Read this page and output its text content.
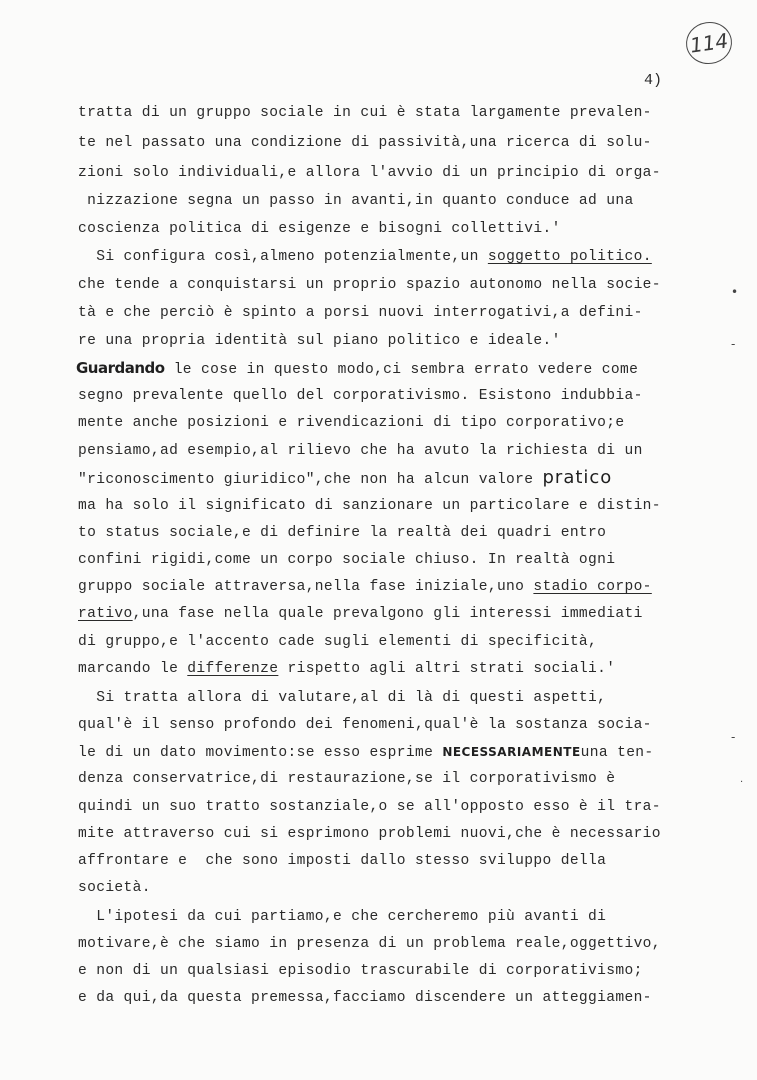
114
4)
tratta di un gruppo sociale in cui è stata largamente prevalen-
te nel passato una condizione di passività,una ricerca di solu-
zioni solo individuali,e allora l'avvio di un principio di orga-
nizzazione segna un passo in avanti,in quanto conduce ad una
coscienza politica di esigenze e bisogni collettivi.'
Si configura così,almeno potenzialmente,un soggetto politico.
che tende a conquistarsi un proprio spazio autonomo nella socie-
tà e che perciò è spinto a porsi nuovi interrogativi,a defini-
re una propria identità sul piano politico e ideale.'
Guardando le cose in questo modo,ci sembra errato vedere come
segno prevalente quello del corporativismo. Esistono indubbia-
mente anche posizioni e rivendicazioni di tipo corporativo;e
pensiamo,ad esempio,al rilievo che ha avuto la richiesta di un
"riconoscimento giuridico",che non ha alcun valore pratico
ma ha solo il significato di sanzionare un particolare e distin-
to status sociale,e di definire la realtà dei quadri entro
confini rigidi,come un corpo sociale chiuso. In realtà ogni
gruppo sociale attraversa,nella fase iniziale,uno stadio corpo-
rativo,una fase nella quale prevalgono gli interessi immediati
di gruppo,e l'accento cade sugli elementi di specificità,
marcando le differenze rispetto agli altri strati sociali.'
Si tratta allora di valutare,al di là di questi aspetti,
qual'è il senso profondo dei fenomeni,qual'è la sostanza socia-
le di un dato movimento:se esso esprime NECESSARIAMENTEuna ten-
denza conservatrice,di restaurazione,se il corporativismo è
quindi un suo tratto sostanziale,o se all'opposto esso è il tra-
mite attraverso cui si esprimono problemi nuovi,che è necessario
affrontare e  che sono imposti dallo stesso sviluppo della
società.
L'ipotesi da cui partiamo,e che cercheremo più avanti di
motivare,è che siamo in presenza di un problema reale,oggettivo,
e non di un qualsiasi episodio trascurabile di corporativismo;
e da qui,da questa premessa,facciamo discendere un atteggiamen-
•
-
-
·
